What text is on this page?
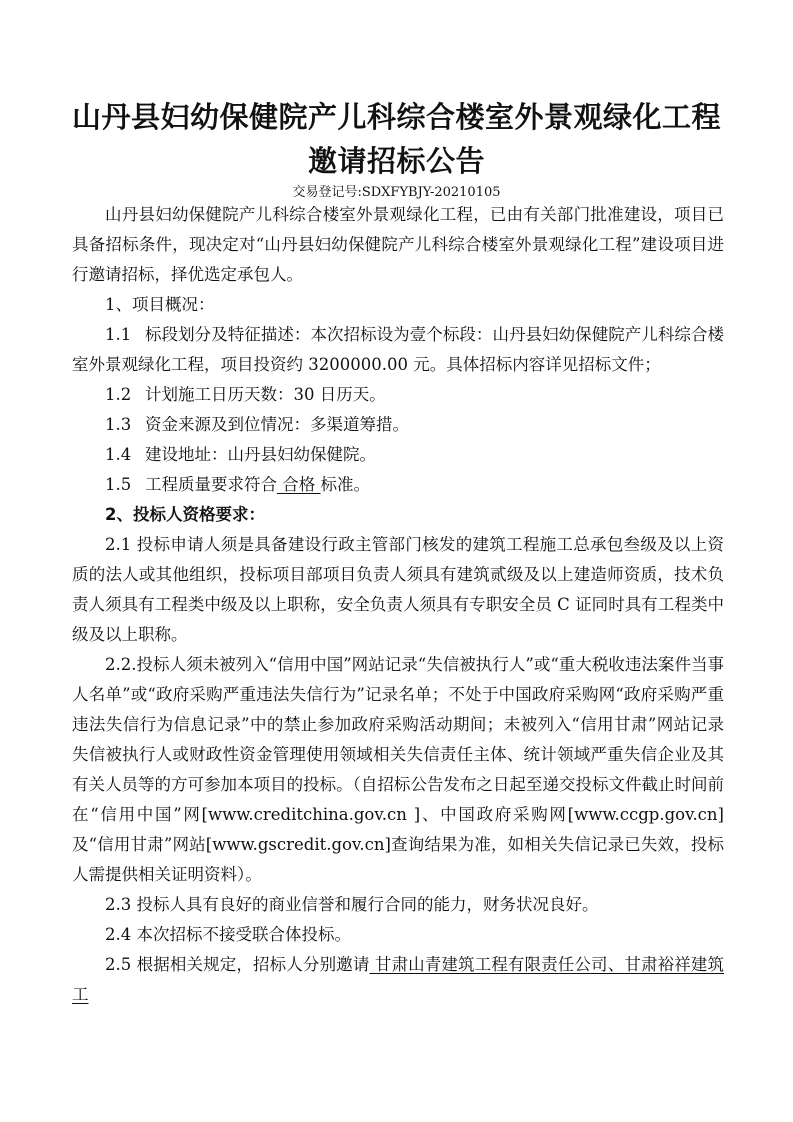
山丹县妇幼保健院产儿科综合楼室外景观绿化工程
邀请招标公告
交易登记号:SDXFYBJY-20210105

山丹县妇幼保健院产儿科综合楼室外景观绿化工程，已由有关部门批准建设，项目已具备招标条件，现决定对“山丹县妇幼保健院产儿科综合楼室外景观绿化工程”建设项目进行邀请招标，择优选定承包人。

1、项目概况：

1.1 标段划分及特征描述：本次招标设为壹个标段：山丹县妇幼保健院产儿科综合楼室外景观绿化工程，项目投资约 3200000.00 元。具体招标内容详见招标文件；

1.2 计划施工日历天数：30 日历天。

1.3 资金来源及到位情况：多渠道筹措。

1.4 建设地址：山丹县妇幼保健院。

1.5 工程质量要求符合 合格 标准。

2、投标人资格要求：

2.1 投标申请人须是具备建设行政主管部门核发的建筑工程施工总承包叁级及以上资质的法人或其他组织，投标项目部项目负责人须具有建筑贰级及以上建造师资质，技术负责人须具有工程类中级及以上职称，安全负责人须具有专职安全员 C 证同时具有工程类中级及以上职称。

2.2.投标人须未被列入“信用中国”网站记录“失信被执行人”或“重大税收违法案件当事人名单”或“政府采购严重违法失信行为”记录名单；不处于中国政府采购网“政府采购严重违法失信行为信息记录”中的禁止参加政府采购活动期间；未被列入“信用甘肃”网站记录失信被执行人或财政性资金管理使用领域相关失信责任主体、统计领域严重失信企业及其有关人员等的方可参加本项目的投标。（自招标公告发布之日起至递交投标文件截止时间前在“信用中国”网[www.creditchina.gov.cn ]、中国政府采购网[www.ccgp.gov.cn]及“信用甘肃”网站[www.gscredit.gov.cn]查询结果为准，如相关失信记录已失效，投标人需提供相关证明资料）。

2.3 投标人具有良好的商业信誉和履行合同的能力，财务状况良好。

2.4 本次招标不接受联合体投标。

2.5 根据相关规定，招标人分别邀请 甘肃山青建筑工程有限责任公司、甘肃裕祥建筑工
